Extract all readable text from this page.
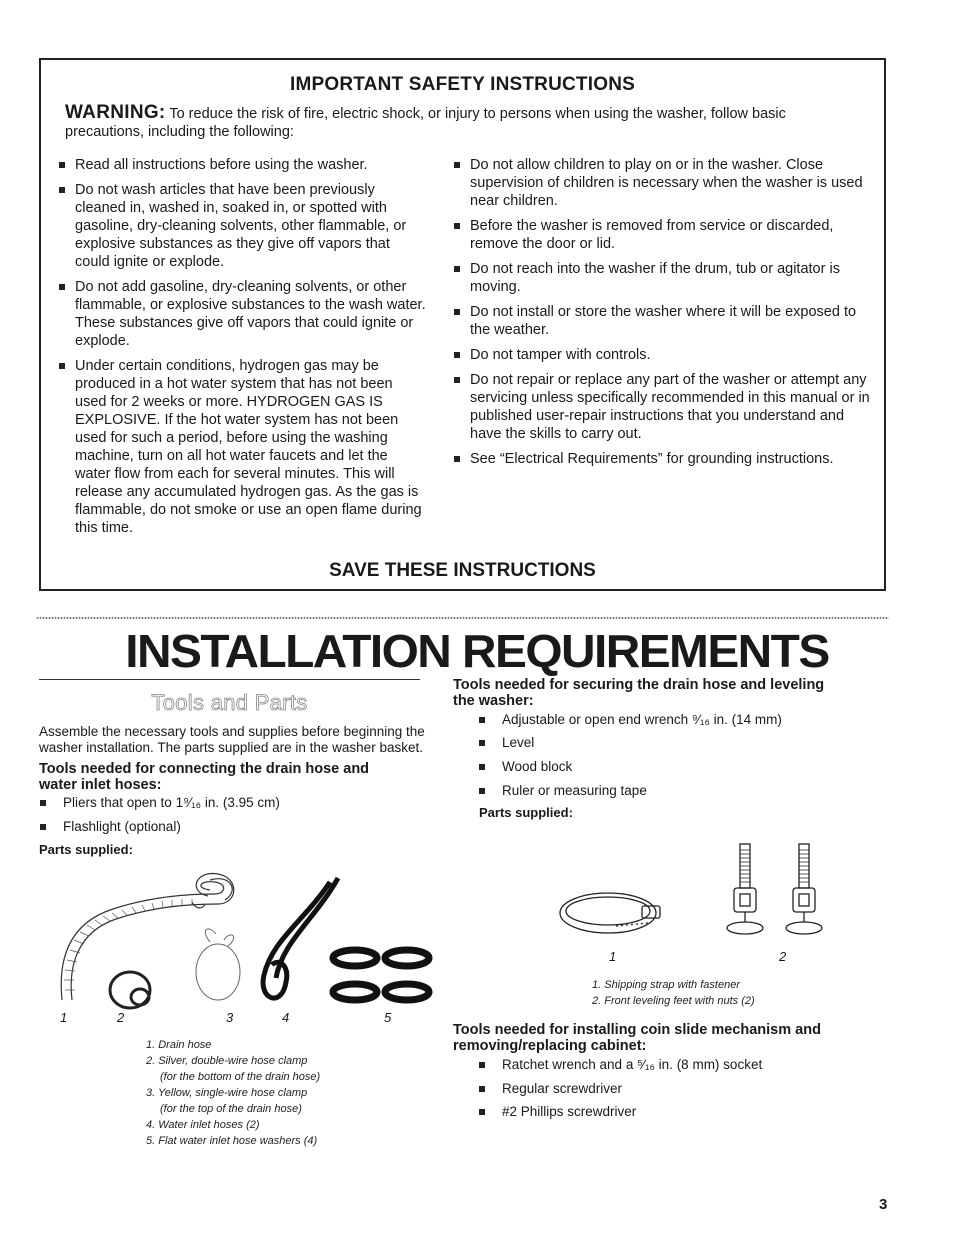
IMPORTANT SAFETY INSTRUCTIONS
WARNING: To reduce the risk of fire, electric shock, or injury to persons when using the washer, follow basic precautions, including the following:
Read all instructions before using the washer.
Do not wash articles that have been previously cleaned in, washed in, soaked in, or spotted with gasoline, dry-cleaning solvents, other flammable, or explosive substances as they give off vapors that could ignite or explode.
Do not add gasoline, dry-cleaning solvents, or other flammable, or explosive substances to the wash water. These substances give off vapors that could ignite or explode.
Under certain conditions, hydrogen gas may be produced in a hot water system that has not been used for 2 weeks or more. HYDROGEN GAS IS EXPLOSIVE. If the hot water system has not been used for such a period, before using the washing machine, turn on all hot water faucets and let the water flow from each for several minutes. This will release any accumulated hydrogen gas. As the gas is flammable, do not smoke or use an open flame during this time.
Do not allow children to play on or in the washer. Close supervision of children is necessary when the washer is used near children.
Before the washer is removed from service or discarded, remove the door or lid.
Do not reach into the washer if the drum, tub or agitator is moving.
Do not install or store the washer where it will be exposed to the weather.
Do not tamper with controls.
Do not repair or replace any part of the washer or attempt any servicing unless specifically recommended in this manual or in published user-repair instructions that you understand and have the skills to carry out.
See “Electrical Requirements” for grounding instructions.
SAVE THESE INSTRUCTIONS
INSTALLATION REQUIREMENTS
Tools and Parts
Assemble the necessary tools and supplies before beginning the washer installation. The parts supplied are in the washer basket.
Tools needed for connecting the drain hose and water inlet hoses:
Pliers that open to 1⁹⁄₁₆ in. (3.95 cm)
Flashlight (optional)
Parts supplied:
1	2	3	4	5
1. Drain hose
2. Silver, double-wire hose clamp
(for the bottom of the drain hose)
3. Yellow, single-wire hose clamp
(for the top of the drain hose)
4. Water inlet hoses (2)
5. Flat water inlet hose washers (4)
Tools needed for securing the drain hose and leveling the washer:
Adjustable or open end wrench ⁹⁄₁₆ in. (14 mm)
Level
Wood block
Ruler or measuring tape
Parts supplied:
1	2
1. Shipping strap with fastener
2. Front leveling feet with nuts (2)
Tools needed for installing coin slide mechanism and removing/replacing cabinet:
Ratchet wrench and a ⁵⁄₁₆ in. (8 mm) socket
Regular screwdriver
#2 Phillips screwdriver
3
